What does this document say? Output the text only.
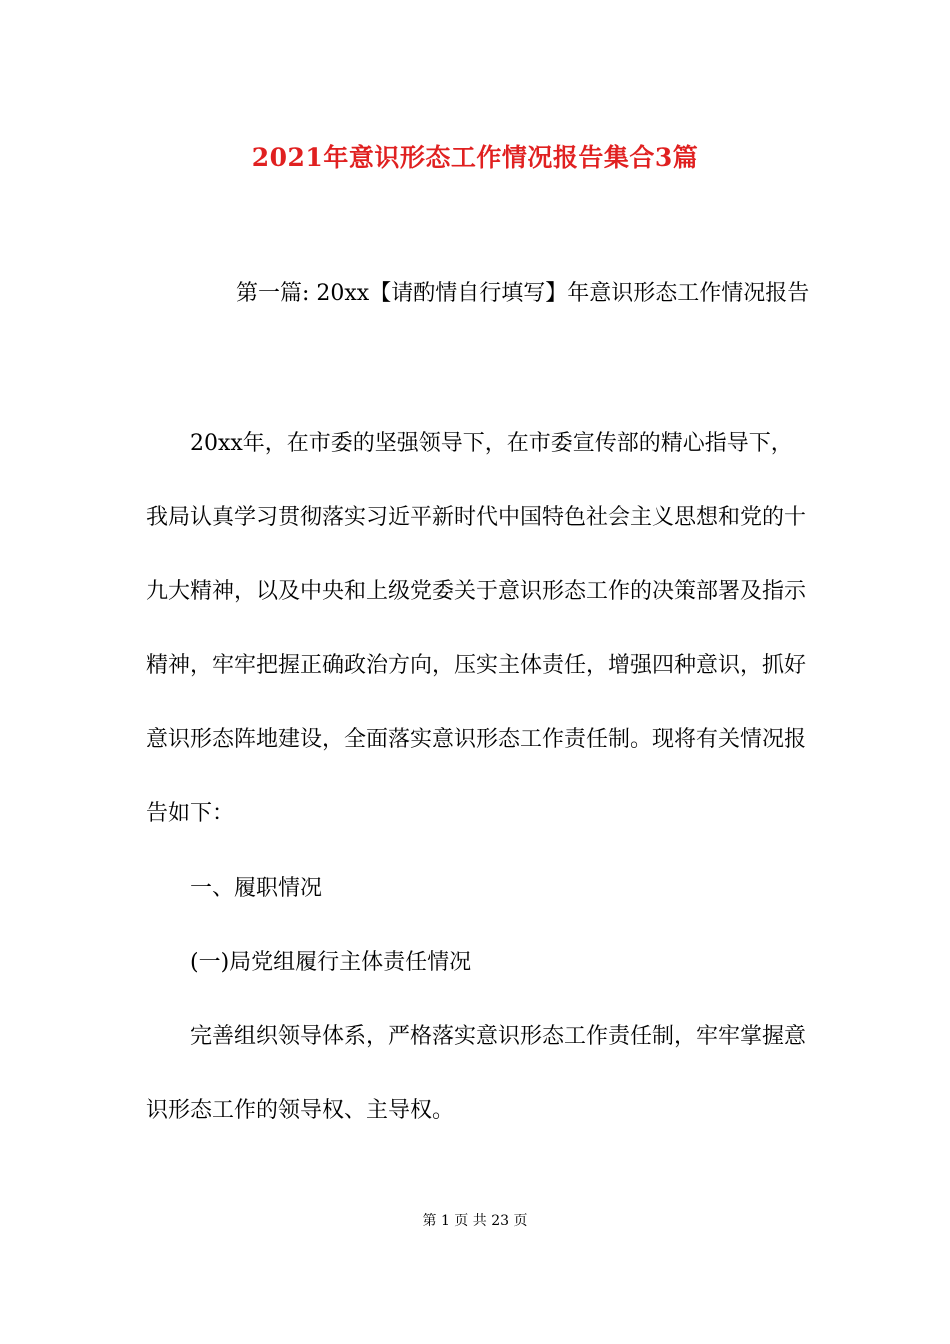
2021年意识形态工作情况报告集合3篇

第一篇: 20xx【请酌情自行填写】年意识形态工作情况报告

20xx年，在市委的坚强领导下，在市委宣传部的精心指导下，我局认真学习贯彻落实习近平新时代中国特色社会主义思想和党的十九大精神，以及中央和上级党委关于意识形态工作的决策部署及指示精神，牢牢把握正确政治方向，压实主体责任，增强四种意识，抓好意识形态阵地建设，全面落实意识形态工作责任制。现将有关情况报告如下：

一、履职情况

(一)局党组履行主体责任情况

完善组织领导体系，严格落实意识形态工作责任制，牢牢掌握意识形态工作的领导权、主导权。

第 1 页 共 23 页
